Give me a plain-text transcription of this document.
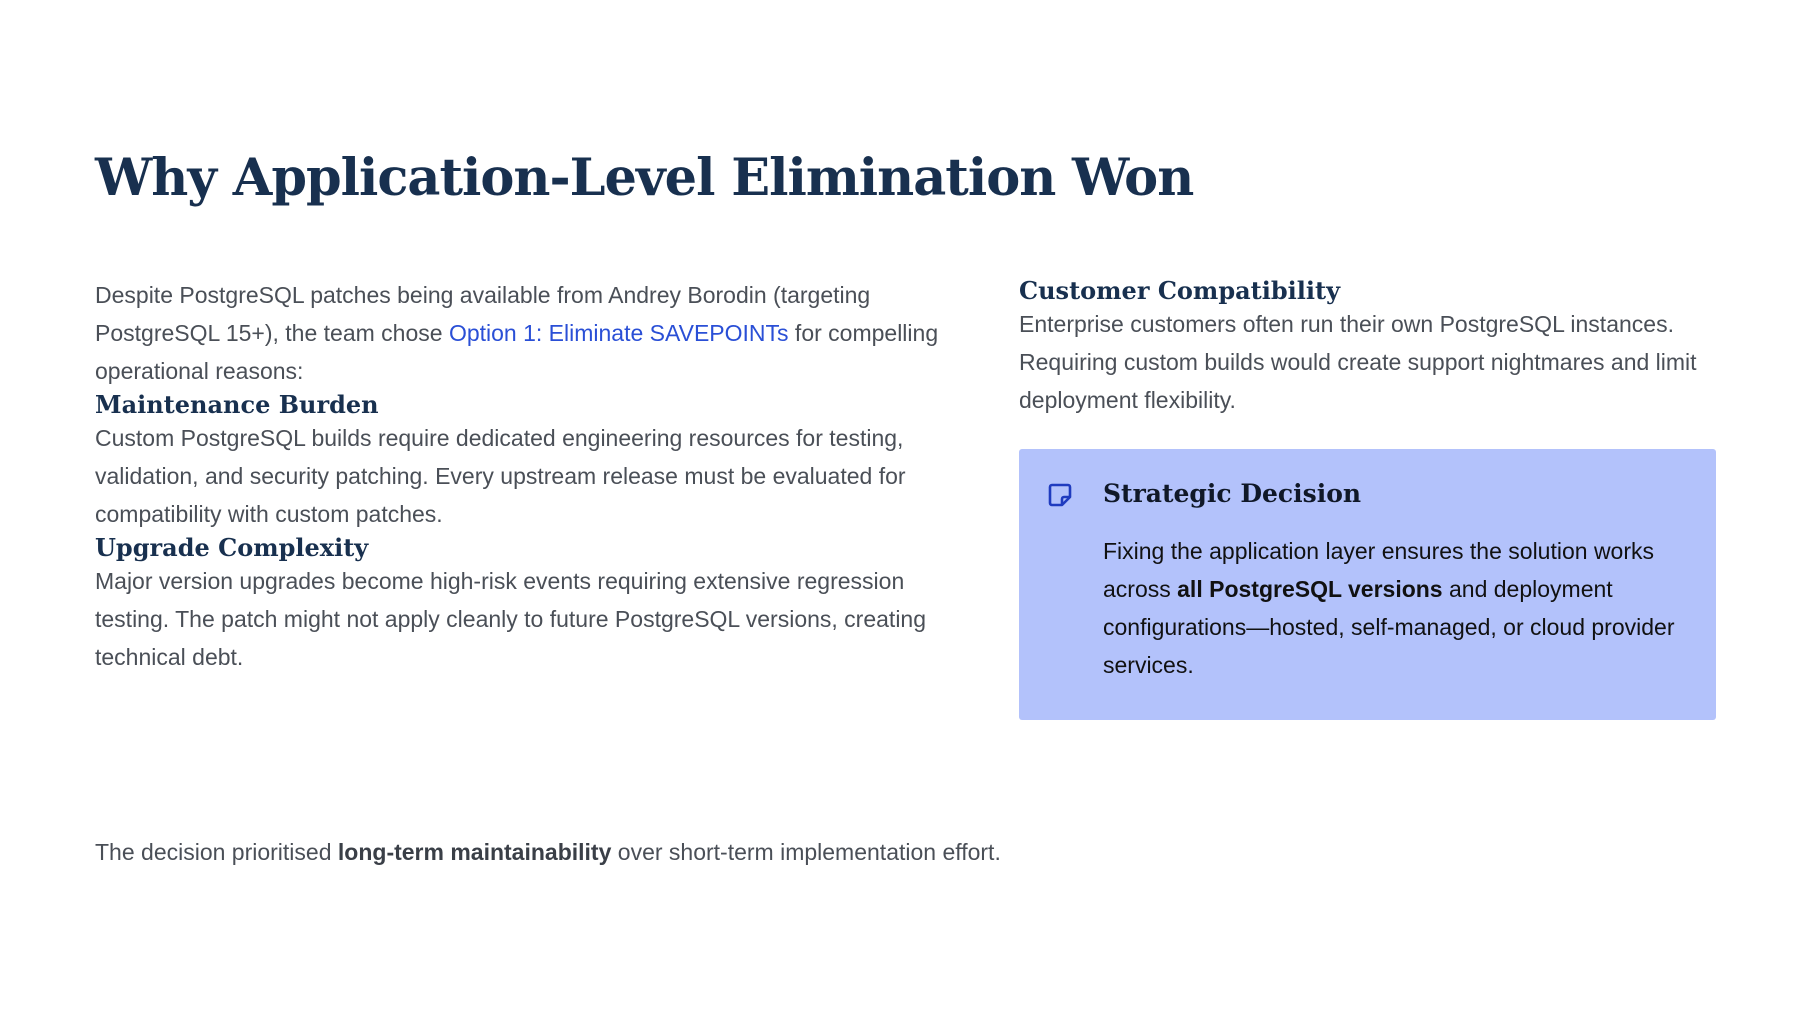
Why Application-Level Elimination Won

Despite PostgreSQL patches being available from Andrey Borodin (targeting PostgreSQL 15+), the team chose Option 1: Eliminate SAVEPOINTs for compelling operational reasons:

Maintenance Burden

Custom PostgreSQL builds require dedicated engineering resources for testing, validation, and security patching. Every upstream release must be evaluated for compatibility with custom patches.

Upgrade Complexity

Major version upgrades become high-risk events requiring extensive regression testing. The patch might not apply cleanly to future PostgreSQL versions, creating technical debt.

Customer Compatibility

Enterprise customers often run their own PostgreSQL instances. Requiring custom builds would create support nightmares and limit deployment flexibility.

Strategic Decision

Fixing the application layer ensures the solution works across all PostgreSQL versions and deployment configurations—hosted, self-managed, or cloud provider services.

The decision prioritised long-term maintainability over short-term implementation effort.
